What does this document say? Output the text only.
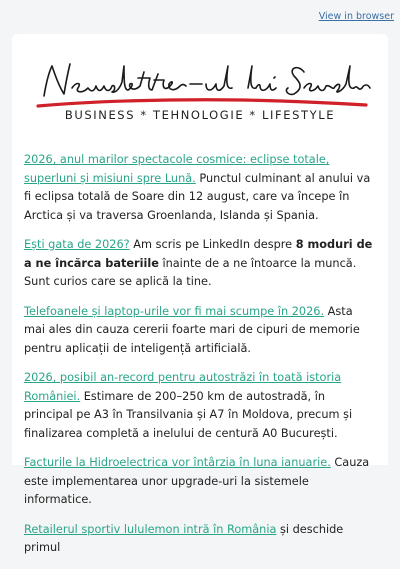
View in browser
BUSINESS * TEHNOLOGIE * LIFESTYLE

2026, anul marilor spectacole cosmice: eclipse totale, superluni și misiuni spre Lună. Punctul culminant al anului va fi eclipsa totală de Soare din 12 august, care va începe în Arctica și va traversa Groenlanda, Islanda și Spania.

Ești gata de 2026? Am scris pe LinkedIn despre 8 moduri de a ne încărca bateriile înainte de a ne întoarce la muncă. Sunt curios care se aplică la tine.

Telefoanele și laptop-urile vor fi mai scumpe în 2026. Asta mai ales din cauza cererii foarte mari de cipuri de memorie pentru aplicații de inteligență artificială.

2026, posibil an-record pentru autostrăzi în toată istoria României. Estimare de 200–250 km de autostradă, în principal pe A3 în Transilvania și A7 în Moldova, precum și finalizarea completă a inelului de centură A0 București.

Facturile la Hidroelectrica vor întârzia în luna ianuarie. Cauza este implementarea unor upgrade-uri la sistemele informatice.

Retailerul sportiv lululemon intră în România și deschide primul
